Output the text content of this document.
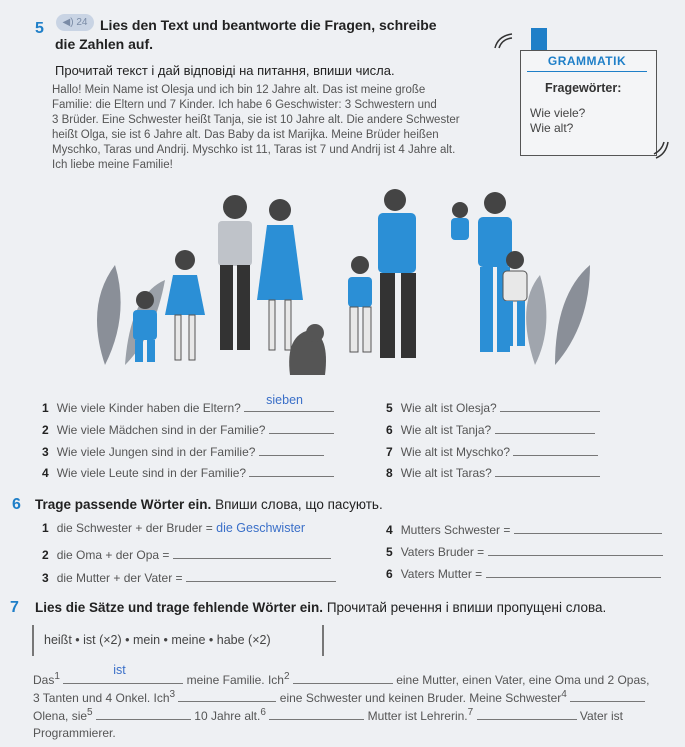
5	◀) 24 Lies den Text und beantworte die Fragen, schreibe
die Zahlen auf.
Прочитай текст і дай відповіді на питання, впиши числа.
Hallo! Mein Name ist Olesja und ich bin 12 Jahre alt. Das ist meine große
Familie: die Eltern und 7 Kinder. Ich habe 6 Geschwister: 3 Schwestern und
3 Brüder. Eine Schwester heißt Tanja, sie ist 10 Jahre alt. Die andere Schwester
heißt Olga, sie ist 6 Jahre alt. Das Baby da ist Marijka. Meine Brüder heißen
Myschko, Taras und Andrij. Myschko ist 11, Taras ist 7 und Andrij ist 4 Jahre alt.
Ich liebe meine Familie!
GRAMMATIK
Fragewörter:
Wie viele?
Wie alt?
1 Wie viele Kinder haben die Eltern?
sieben
2 Wie viele Mädchen sind in der Familie?
3 Wie viele Jungen sind in der Familie?
4 Wie viele Leute sind in der Familie?
5 Wie alt ist Olesja?
6 Wie alt ist Tanja?
7 Wie alt ist Myschko?
8 Wie alt ist Taras?
6 Trage passende Wörter ein. Впиши слова, що пасують.
1 die Schwester + der Bruder = die Geschwister
2 die Oma + der Opa =
3 die Mutter + der Vater =
4 Mutters Schwester =
5 Vaters Bruder =
6 Vaters Mutter =
7 Lies die Sätze und trage fehlende Wörter ein. Прочитай речення і впиши пропущені слова.
heißt • ist (×2) • mein • meine • habe (×2)
Das$^1$	ist
meine Familie. Ich$^2$	eine Mutter, einen Vater, eine Oma und 2 Opas,
3 Tanten und 4 Onkel. Ich$^3$	eine Schwester und keinen Bruder. Meine Schwester$^4$
Olena, sie$^5$	10 Jahre alt.$^6$	Mutter ist Lehrerin.$^7$	Vater ist
Programmierer.
